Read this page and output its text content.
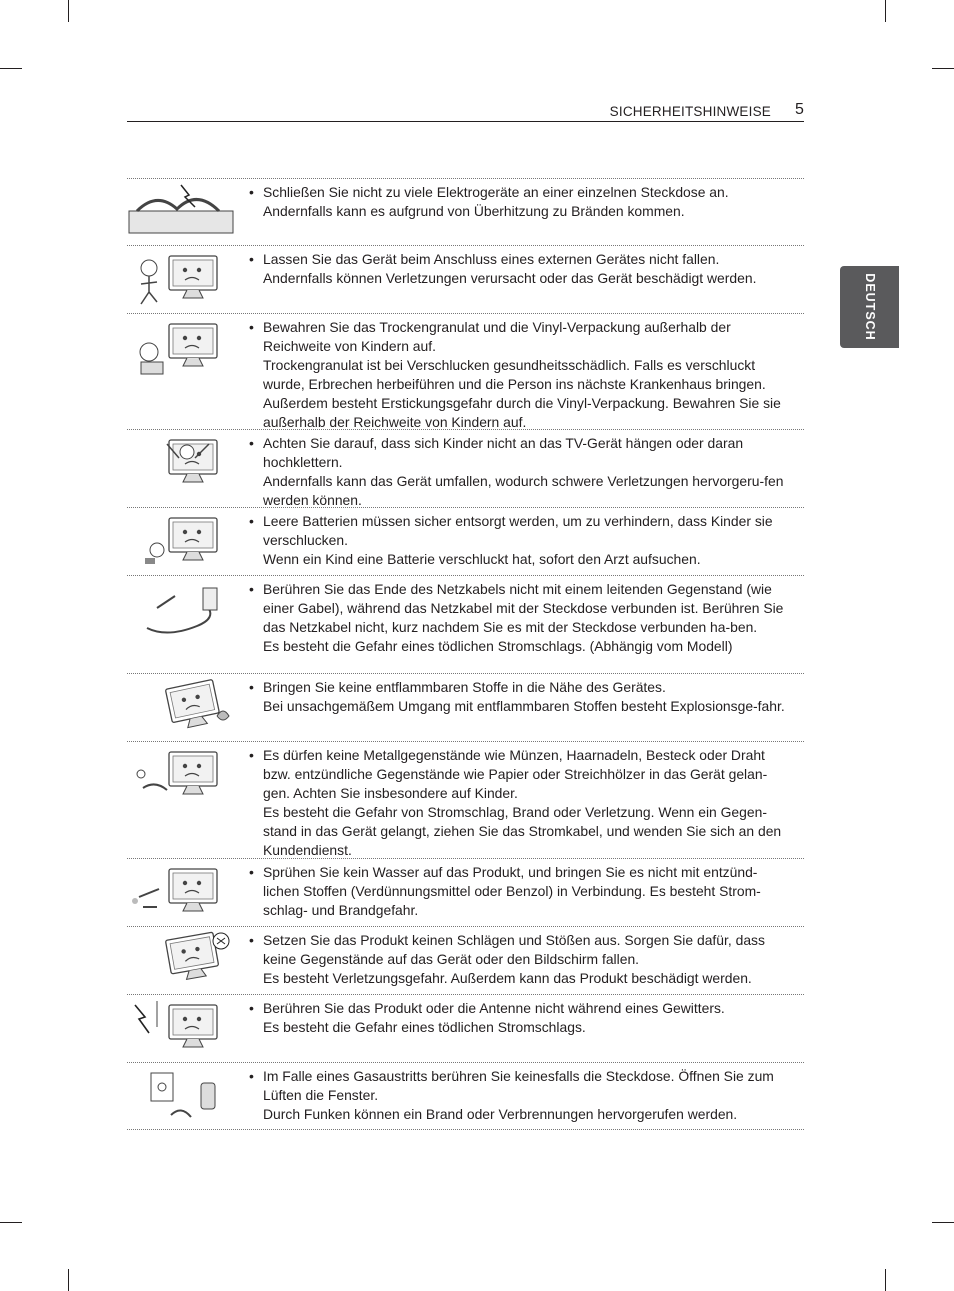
SICHERHEITSHINWEISE 5
DEUTSCH

• Schließen Sie nicht zu viele Elektrogeräte an einer einzelnen Steckdose an.

Andernfalls kann es aufgrund von Überhitzung zu Bränden kommen.

• Lassen Sie das Gerät beim Anschluss eines externen Gerätes nicht fallen.

Andernfalls können Verletzungen verursacht oder das Gerät beschädigt werden.

• Bewahren Sie das Trockengranulat und die Vinyl-Verpackung außerhalb der Reichweite von Kindern auf.

Trockengranulat ist bei Verschlucken gesundheitsschädlich. Falls es verschluckt wurde, Erbrechen herbeiführen und die Person ins nächste Krankenhaus bringen. Außerdem besteht Erstickungsgefahr durch die Vinyl-Verpackung. Bewahren Sie sie außerhalb der Reichweite von Kindern auf.

• Achten Sie darauf, dass sich Kinder nicht an das TV-Gerät hängen oder daran hochklettern.

Andernfalls kann das Gerät umfallen, wodurch schwere Verletzungen hervorgeru-fen werden können.

• Leere Batterien müssen sicher entsorgt werden, um zu verhindern, dass Kinder sie verschlucken.

Wenn ein Kind eine Batterie verschluckt hat, sofort den Arzt aufsuchen.

• Berühren Sie das Ende des Netzkabels nicht mit einem leitenden Gegenstand (wie einer Gabel), während das Netzkabel mit der Steckdose verbunden ist. Berühren Sie das Netzkabel nicht, kurz nachdem Sie es mit der Steckdose verbunden ha-ben.

Es besteht die Gefahr eines tödlichen Stromschlags. (Abhängig vom Modell)

• Bringen Sie keine entflammbaren Stoffe in die Nähe des Gerätes.

Bei unsachgemäßem Umgang mit entflammbaren Stoffen besteht Explosionsge-fahr.

• Es dürfen keine Metallgegenstände wie Münzen, Haarnadeln, Besteck oder Draht bzw. entzündliche Gegenstände wie Papier oder Streichhölzer in das Gerät gelan-gen. Achten Sie insbesondere auf Kinder.

Es besteht die Gefahr von Stromschlag, Brand oder Verletzung. Wenn ein Gegen-stand in das Gerät gelangt, ziehen Sie das Stromkabel, und wenden Sie sich an den Kundendienst.

• Sprühen Sie kein Wasser auf das Produkt, und bringen Sie es nicht mit entzünd-lichen Stoffen (Verdünnungsmittel oder Benzol) in Verbindung. Es besteht Strom-schlag- und Brandgefahr.

• Setzen Sie das Produkt keinen Schlägen und Stößen aus. Sorgen Sie dafür, dass keine Gegenstände auf das Gerät oder den Bildschirm fallen.

Es besteht Verletzungsgefahr. Außerdem kann das Produkt beschädigt werden.

• Berühren Sie das Produkt oder die Antenne nicht während eines Gewitters.

Es besteht die Gefahr eines tödlichen Stromschlags.

• Im Falle eines Gasaustritts berühren Sie keinesfalls die Steckdose. Öffnen Sie zum Lüften die Fenster.

Durch Funken können ein Brand oder Verbrennungen hervorgerufen werden.
